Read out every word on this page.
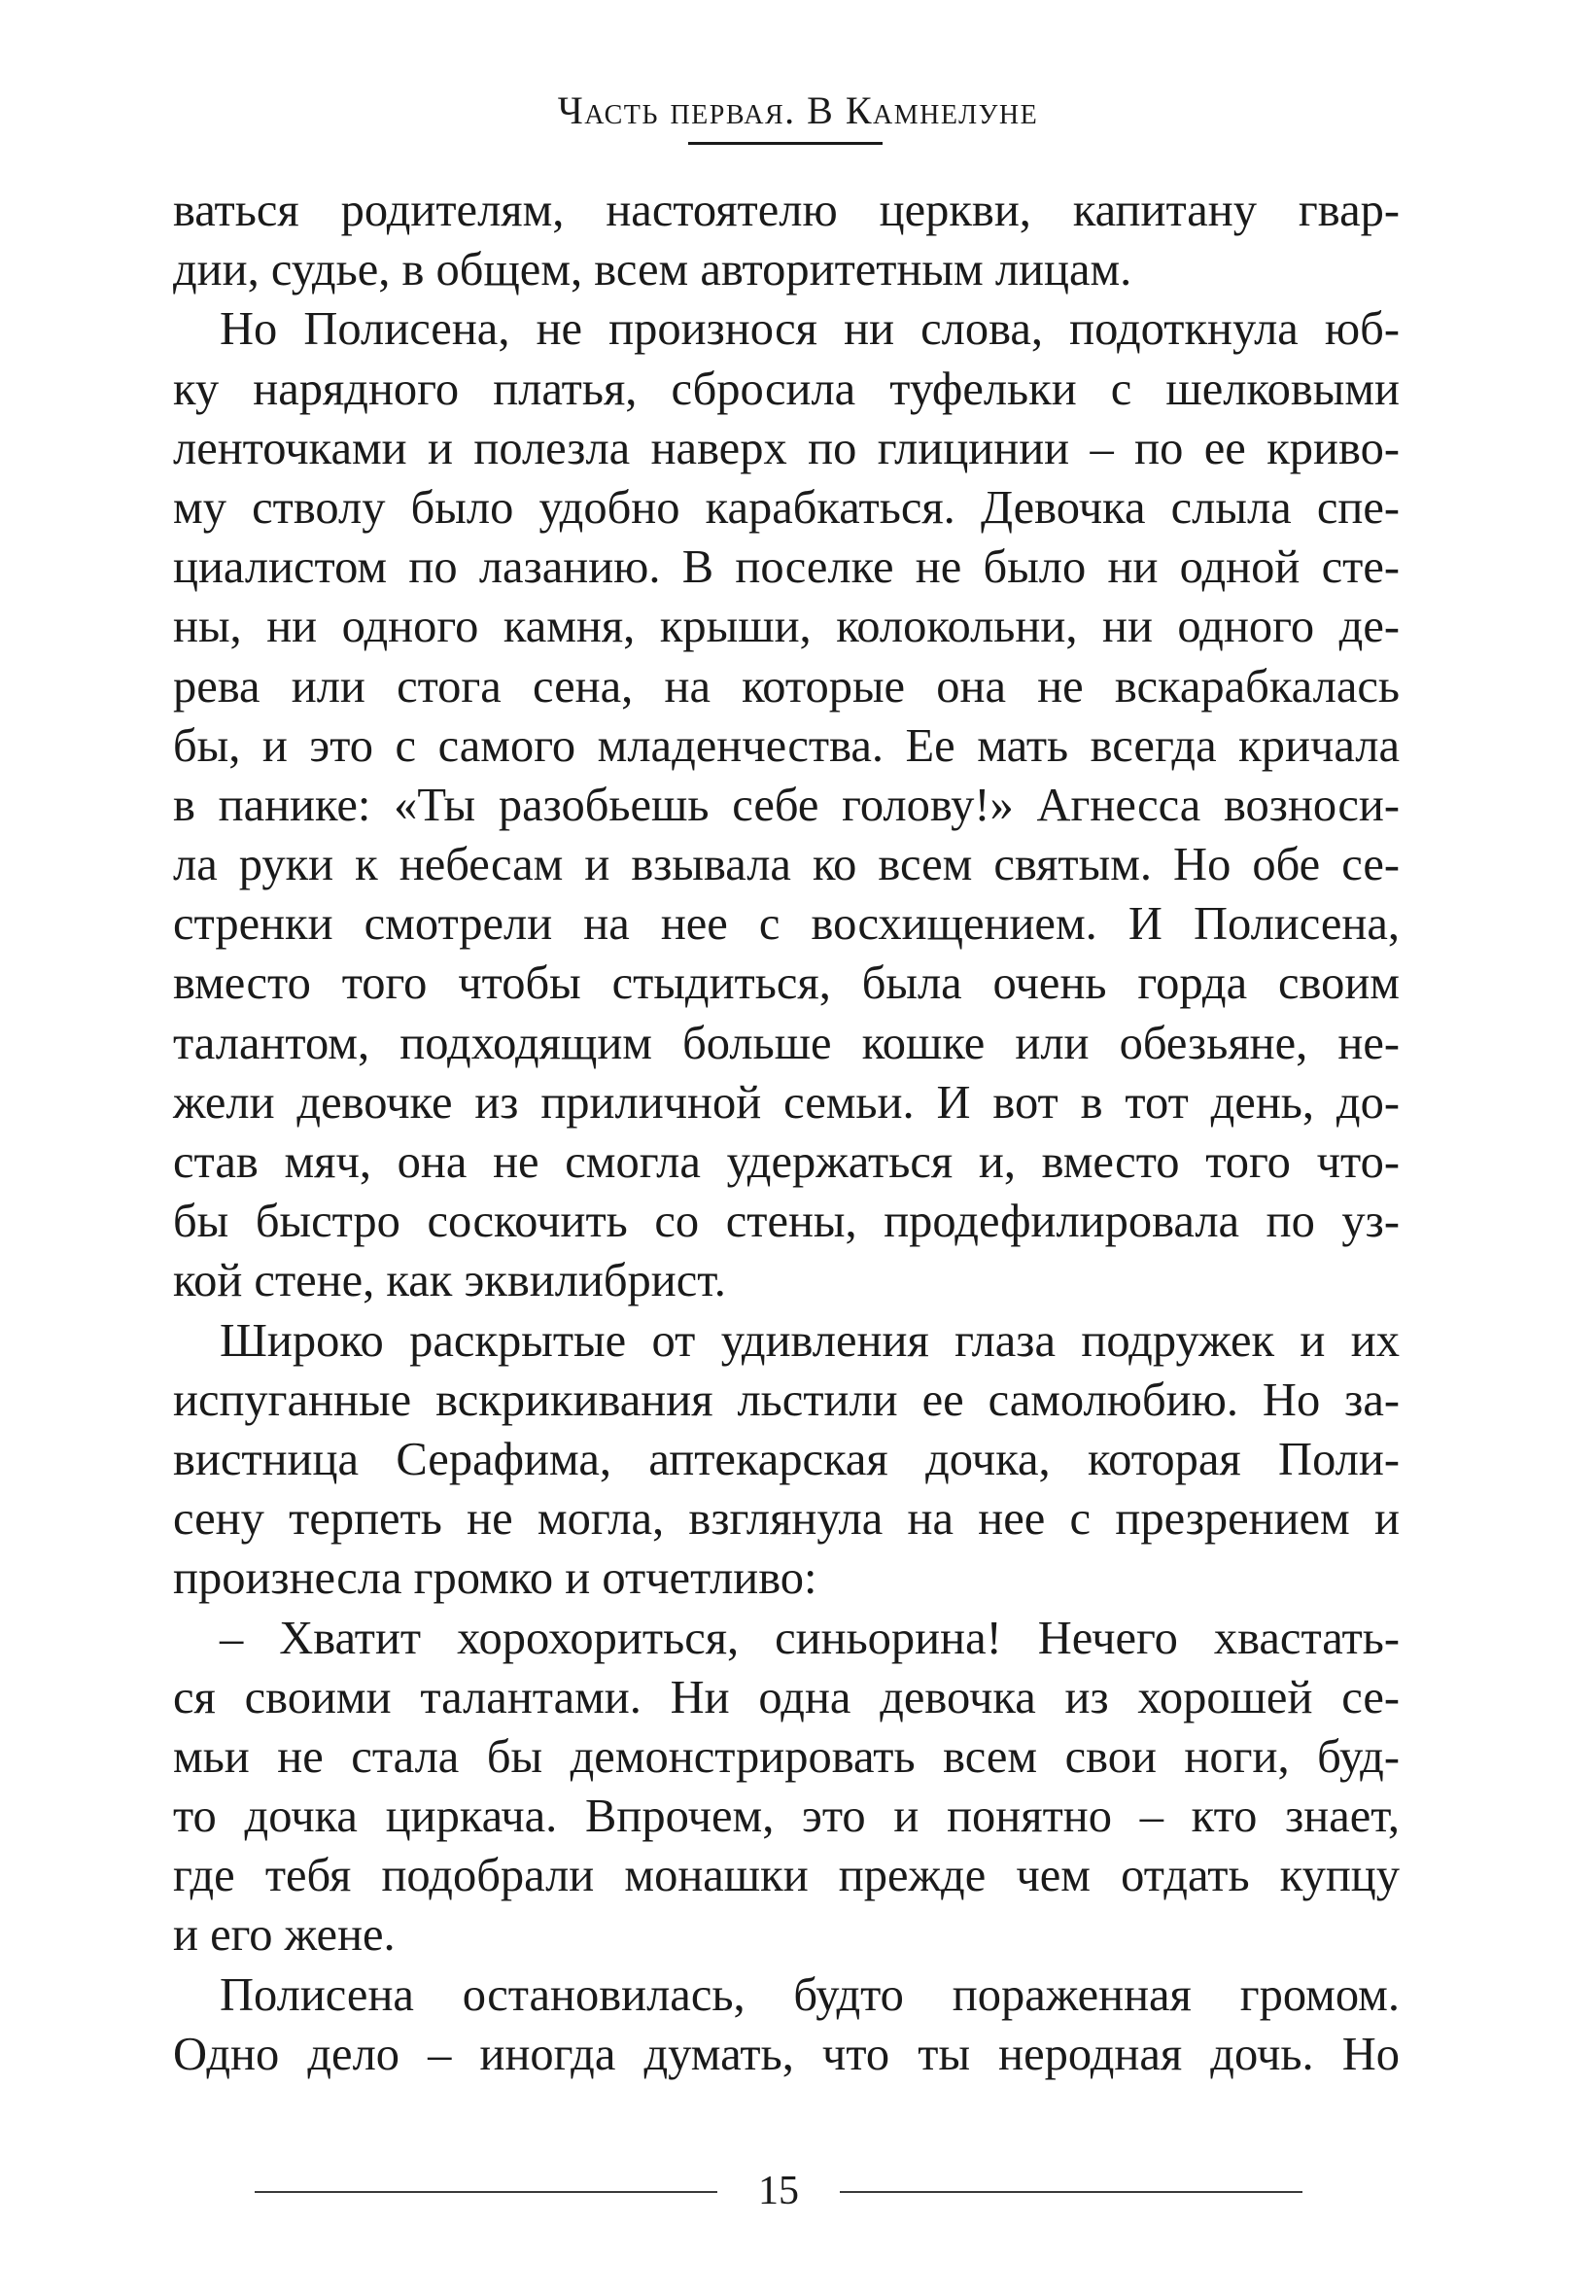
Часть первая. В Камнелуне
ваться родителям, настоятелю церкви, капитану гвар-
дии, судье, в общем, всем авторитетным лицам.
Но Полисена, не произнося ни слова, подоткнула юб-
ку нарядного платья, сбросила туфельки с шелковыми
ленточками и полезла наверх по глицинии – по ее криво-
му стволу было удобно карабкаться. Девочка слыла спе-
циалистом по лазанию. В поселке не было ни одной сте-
ны, ни одного камня, крыши, колокольни, ни одного де-
рева или стога сена, на которые она не вскарабкалась
бы, и это с самого младенчества. Ее мать всегда кричала
в панике: «Ты разобьешь себе голову!» Агнесса возноси-
ла руки к небесам и взывала ко всем святым. Но обе се-
стренки смотрели на нее с восхищением. И Полисена,
вместо того чтобы стыдиться, была очень горда своим
талантом, подходящим больше кошке или обезьяне, не-
жели девочке из приличной семьи. И вот в тот день, до-
став мяч, она не смогла удержаться и, вместо того что-
бы быстро соскочить со стены, продефилировала по уз-
кой стене, как эквилибрист.
Широко раскрытые от удивления глаза подружек и их
испуганные вскрикивания льстили ее самолюбию. Но за-
вистница Серафима, аптекарская дочка, которая Поли-
сену терпеть не могла, взглянула на нее с презрением и
произнесла громко и отчетливо:
– Хватит хорохориться, синьорина! Нечего хвастать-
ся своими талантами. Ни одна девочка из хорошей се-
мьи не стала бы демонстрировать всем свои ноги, буд-
то дочка циркача. Впрочем, это и понятно – кто знает,
где тебя подобрали монашки прежде чем отдать купцу
и его жене.
Полисена остановилась, будто пораженная громом.
Одно дело – иногда думать, что ты неродная дочь. Но
15
